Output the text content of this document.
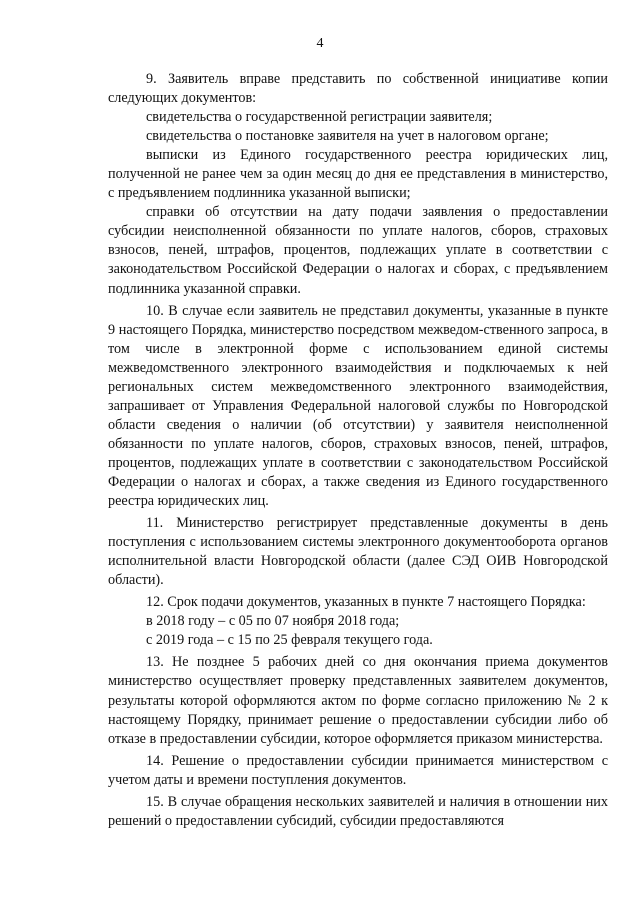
4

9. Заявитель вправе представить по собственной инициативе копии следующих документов:

свидетельства о государственной регистрации заявителя;

свидетельства о постановке заявителя на учет в налоговом органе;

выписки из Единого государственного реестра юридических лиц, полученной не ранее чем за один месяц до дня ее представления в министерство, с предъявлением подлинника указанной выписки;

справки об отсутствии на дату подачи заявления о предоставлении субсидии неисполненной обязанности по уплате налогов, сборов, страховых взносов, пеней, штрафов, процентов, подлежащих уплате в соответствии с законодательством Российской Федерации о налогах и сборах, с предъявлением подлинника указанной справки.

10. В случае если заявитель не представил документы, указанные в пункте 9 настоящего Порядка, министерство посредством межведом-ственного запроса, в том числе в электронной форме с использованием единой системы межведомственного электронного взаимодействия и подключаемых к ней региональных систем межведомственного электронного взаимодействия, запрашивает от Управления Федеральной налоговой службы по Новгородской области сведения о наличии (об отсутствии) у заявителя неисполненной обязанности по уплате налогов, сборов, страховых взносов, пеней, штрафов, процентов, подлежащих уплате в соответствии с законодательством Российской Федерации о налогах и сборах, а также сведения из Единого государственного реестра юридических лиц.

11. Министерство регистрирует представленные документы в день поступления с использованием системы электронного документооборота органов исполнительной власти Новгородской области (далее СЭД ОИВ Новгородской области).

12. Срок подачи документов, указанных в пункте 7 настоящего Порядка:

в 2018 году – с 05 по 07 ноября 2018 года;

с 2019 года – с 15 по 25 февраля текущего года.

13. Не позднее 5 рабочих дней со дня окончания приема документов министерство осуществляет проверку представленных заявителем документов, результаты которой оформляются актом по форме согласно приложению № 2 к настоящему Порядку, принимает решение о предоставлении субсидии либо об отказе в предоставлении субсидии, которое оформляется приказом министерства.

14. Решение о предоставлении субсидии принимается министерством с учетом даты и времени поступления документов.

15. В случае обращения нескольких заявителей и наличия в отношении них решений о предоставлении субсидий, субсидии предоставляются
